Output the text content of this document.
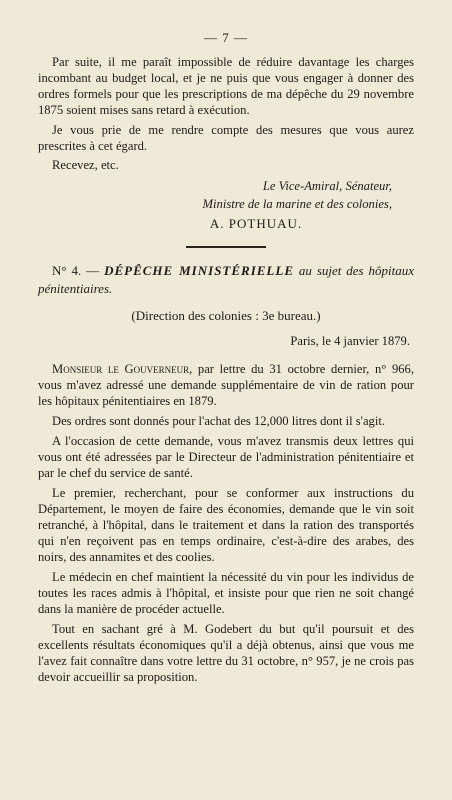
— 7 —

Par suite, il me paraît impossible de réduire davantage les charges incombant au budget local, et je ne puis que vous engager à donner des ordres formels pour que les prescriptions de ma dépêche du 29 novembre 1875 soient mises sans retard à exécution.

Je vous prie de me rendre compte des mesures que vous aurez prescrites à cet égard.

Recevez, etc.
Le Vice-Amiral, Sénateur,
Ministre de la marine et des colonies,
A. POTHUAU.

N° 4. — DÉPÊCHE MINISTÉRIELLE au sujet des hôpitaux pénitentiaires.

(Direction des colonies : 3e bureau.)
Paris, le 4 janvier 1879.

Monsieur le Gouverneur, par lettre du 31 octobre dernier, n° 966, vous m'avez adressé une demande supplémentaire de vin de ration pour les hôpitaux pénitentiaires en 1879.

Des ordres sont donnés pour l'achat des 12,000 litres dont il s'agit.

A l'occasion de cette demande, vous m'avez transmis deux lettres qui vous ont été adressées par le Directeur de l'administration pénitentiaire et par le chef du service de santé.

Le premier, recherchant, pour se conformer aux instructions du Département, le moyen de faire des économies, demande que le vin soit retranché, à l'hôpital, dans le traitement et dans la ration des transportés qui n'en reçoivent pas en temps ordinaire, c'est-à-dire des arabes, des noirs, des annamites et des coolies.

Le médecin en chef maintient la nécessité du vin pour les individus de toutes les races admis à l'hôpital, et insiste pour que rien ne soit changé dans la manière de procéder actuelle.

Tout en sachant gré à M. Godebert du but qu'il poursuit et des excellents résultats économiques qu'il a déjà obtenus, ainsi que vous me l'avez fait connaître dans votre lettre du 31 octobre, n° 957, je ne crois pas devoir accueillir sa proposition.
